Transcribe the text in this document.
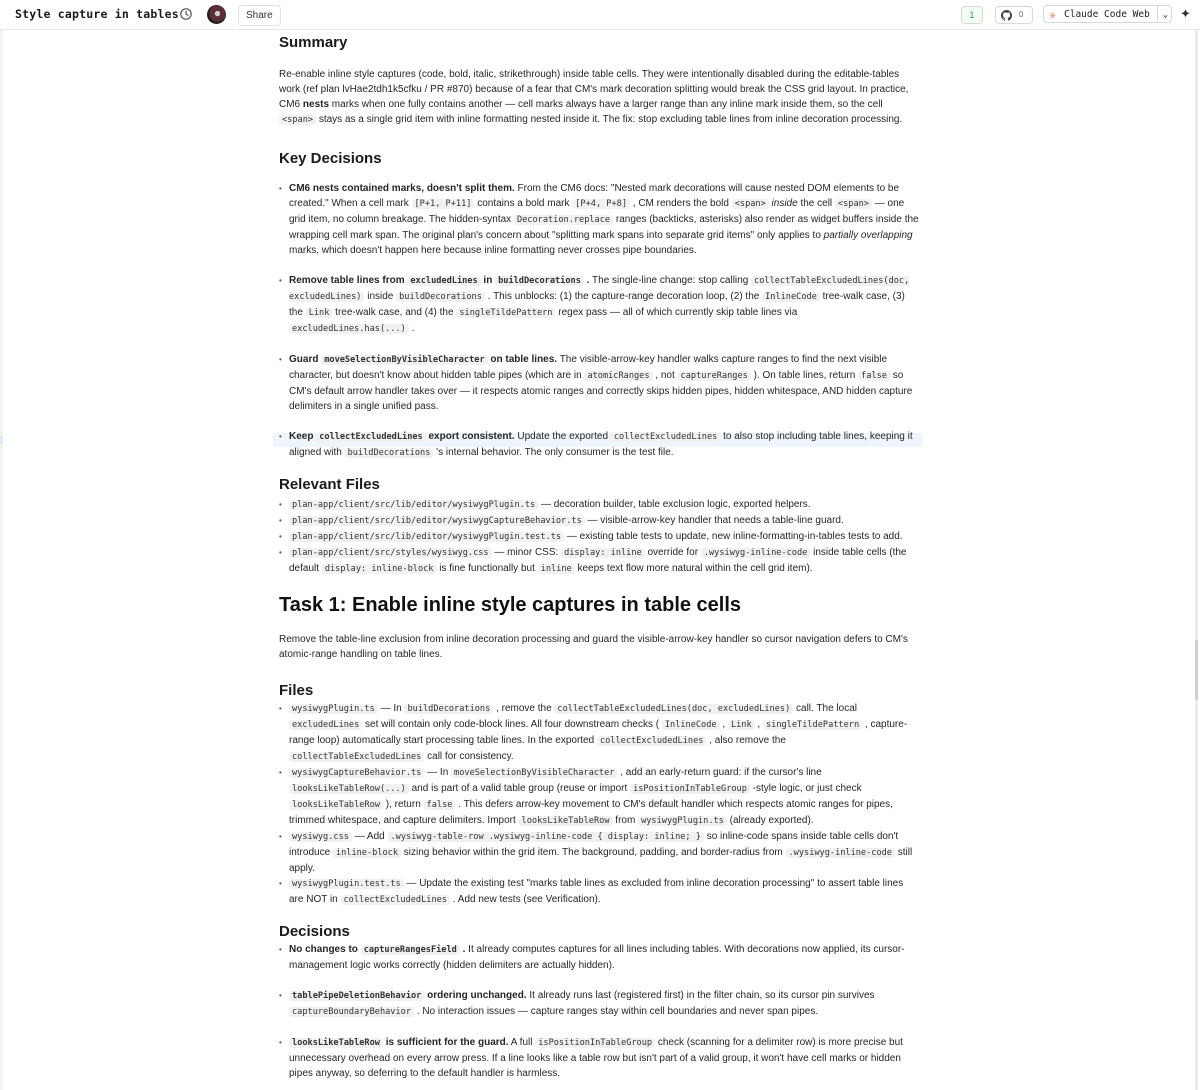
Style capture in tables	Share	1	0 ✳ Claude Code Web	⌄ ✦
Summary

Re-enable inline style captures (code, bold, italic, strikethrough) inside table cells. They were intentionally disabled during the editable-tables work (ref plan lvHae2tdh1k5cfku / PR #870) because of a fear that CM's mark decoration splitting would break the CSS grid layout. In practice, CM6 nests marks when one fully contains another — cell marks always have a larger range than any inline mark inside them, so the cell <span> stays as a single grid item with inline formatting nested inside it. The fix: stop excluding table lines from inline decoration processing.

Key Decisions
• CM6 nests contained marks, doesn't split them. From the CM6 docs: "Nested mark decorations will cause nested DOM elements to be created." When a cell mark [P+1, P+11] contains a bold mark [P+4, P+8] , CM renders the bold <span> inside the cell <span> — one grid item, no column breakage. The hidden-syntax Decoration.replace ranges (backticks, asterisks) also render as widget buffers inside the wrapping cell mark span. The original plan's concern about "splitting mark spans into separate grid items" only applies to partially overlapping marks, which doesn't happen here because inline formatting never crosses pipe boundaries.
• Remove table lines from excludedLines in buildDecorations . The single-line change: stop calling collectTableExcludedLines(doc, excludedLines) inside buildDecorations . This unblocks: (1) the capture-range decoration loop, (2) the InlineCode tree-walk case, (3) the Link tree-walk case, and (4) the singleTildePattern regex pass — all of which currently skip table lines via excludedLines.has(...) .
• Guard moveSelectionByVisibleCharacter on table lines. The visible-arrow-key handler walks capture ranges to find the next visible character, but doesn't know about hidden table pipes (which are in atomicRanges , not captureRanges ). On table lines, return false so CM's default arrow handler takes over — it respects atomic ranges and correctly skips hidden pipes, hidden whitespace, AND hidden capture delimiters in a single unified pass.
• Keep collectExcludedLines export consistent. Update the exported collectExcludedLines to also stop including table lines, keeping it aligned with buildDecorations 's internal behavior. The only consumer is the test file.
Relevant Files
• plan-app/client/src/lib/editor/wysiwygPlugin.ts — decoration builder, table exclusion logic, exported helpers.
• plan-app/client/src/lib/editor/wysiwygCaptureBehavior.ts — visible-arrow-key handler that needs a table-line guard.
• plan-app/client/src/lib/editor/wysiwygPlugin.test.ts — existing table tests to update, new inline-formatting-in-tables tests to add.
• plan-app/client/src/styles/wysiwyg.css — minor CSS: display: inline override for .wysiwyg-inline-code inside table cells (the default display: inline-block is fine functionally but inline keeps text flow more natural within the cell grid item).
Task 1: Enable inline style captures in table cells

Remove the table-line exclusion from inline decoration processing and guard the visible-arrow-key handler so cursor navigation defers to CM's atomic-range handling on table lines.

Files
• wysiwygPlugin.ts — In buildDecorations , remove the collectTableExcludedLines(doc, excludedLines) call. The local excludedLines set will contain only code-block lines. All four downstream checks ( InlineCode , Link , singleTildePattern , capture-range loop) automatically start processing table lines. In the exported collectExcludedLines , also remove the collectTableExcludedLines call for consistency.
• wysiwygCaptureBehavior.ts — In moveSelectionByVisibleCharacter , add an early-return guard: if the cursor's line looksLikeTableRow(...) and is part of a valid table group (reuse or import isPositionInTableGroup -style logic, or just check looksLikeTableRow ), return false . This defers arrow-key movement to CM's default handler which respects atomic ranges for pipes, trimmed whitespace, and capture delimiters. Import looksLikeTableRow from wysiwygPlugin.ts (already exported).
• wysiwyg.css — Add .wysiwyg-table-row .wysiwyg-inline-code { display: inline; } so inline-code spans inside table cells don't introduce inline-block sizing behavior within the grid item. The background, padding, and border-radius from .wysiwyg-inline-code still apply.
• wysiwygPlugin.test.ts — Update the existing test "marks table lines as excluded from inline decoration processing" to assert table lines are NOT in collectExcludedLines . Add new tests (see Verification).
Decisions
• No changes to captureRangesField . It already computes captures for all lines including tables. With decorations now applied, its cursor-management logic works correctly (hidden delimiters are actually hidden).
• tablePipeDeletionBehavior ordering unchanged. It already runs last (registered first) in the filter chain, so its cursor pin survives captureBoundaryBehavior . No interaction issues — capture ranges stay within cell boundaries and never span pipes.
• looksLikeTableRow is sufficient for the guard. A full isPositionInTableGroup check (scanning for a delimiter row) is more precise but unnecessary overhead on every arrow press. If a line looks like a table row but isn't part of a valid group, it won't have cell marks or hidden pipes anyway, so deferring to the default handler is harmless.
